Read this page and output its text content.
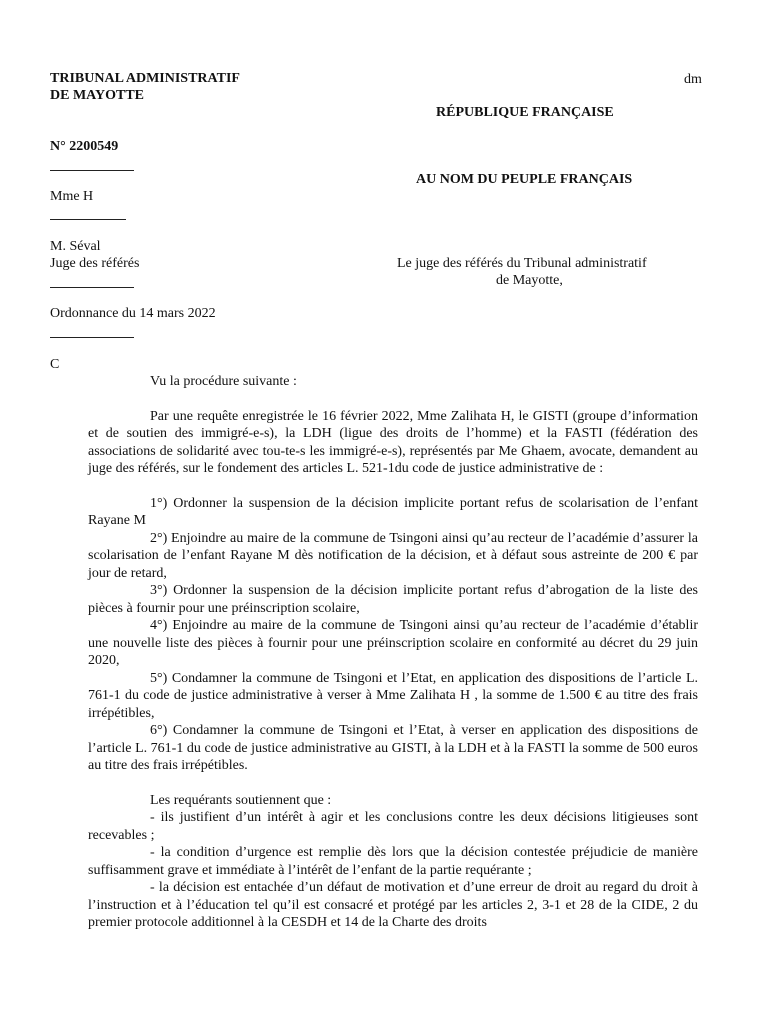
TRIBUNAL ADMINISTRATIF
DE MAYOTTE
dm
RÉPUBLIQUE FRANÇAISE
N° 2200549
AU NOM DU PEUPLE FRANÇAIS
Mme H
M. Séval
Juge des référés	Le juge des référés du Tribunal administratif
de Mayotte,
Ordonnance du 14 mars 2022
C

Vu la procédure suivante :

Par une requête enregistrée le 16 février 2022, Mme Zalihata H, le GISTI (groupe d’information et de soutien des immigré-e-s), la LDH (ligue des droits de l’homme) et la FASTI (fédération des associations de solidarité avec tou-te-s les immigré-e-s), représentés par Me Ghaem, avocate, demandent au juge des référés, sur le fondement des articles L. 521-1du code de justice administrative de :

1°) Ordonner la suspension de la décision implicite portant refus de scolarisation de l’enfant Rayane M

2°) Enjoindre au maire de la commune de Tsingoni ainsi qu’au recteur de l’académie d’assurer la scolarisation de l’enfant Rayane M dès notification de la décision, et à défaut sous astreinte de 200 € par jour de retard,

3°) Ordonner la suspension de la décision implicite portant refus d’abrogation de la liste des pièces à fournir pour une préinscription scolaire,

4°) Enjoindre au maire de la commune de Tsingoni ainsi qu’au recteur de l’académie d’établir une nouvelle liste des pièces à fournir pour une préinscription scolaire en conformité au décret du 29 juin 2020,

5°) Condamner la commune de Tsingoni et l’Etat, en application des dispositions de l’article L. 761-1 du code de justice administrative à verser à Mme Zalihata H , la somme de 1.500 € au titre des frais irrépétibles,

6°) Condamner la commune de Tsingoni et l’Etat, à verser en application des dispositions de l’article L. 761-1 du code de justice administrative au GISTI, à la LDH et à la FASTI la somme de 500 euros au titre des frais irrépétibles.

Les requérants soutiennent que :

- ils justifient d’un intérêt à agir et les conclusions contre les deux décisions litigieuses sont recevables ;

- la condition d’urgence est remplie dès lors que la décision contestée préjudicie de manière suffisamment grave et immédiate à l’intérêt de l’enfant de la partie requérante ;

- la décision est entachée d’un défaut de motivation et d’une erreur de droit au regard du droit à l’instruction et à l’éducation tel qu’il est consacré et protégé par les articles 2, 3-1 et 28 de la CIDE, 2 du premier protocole additionnel à la CESDH et 14 de la Charte des droits
